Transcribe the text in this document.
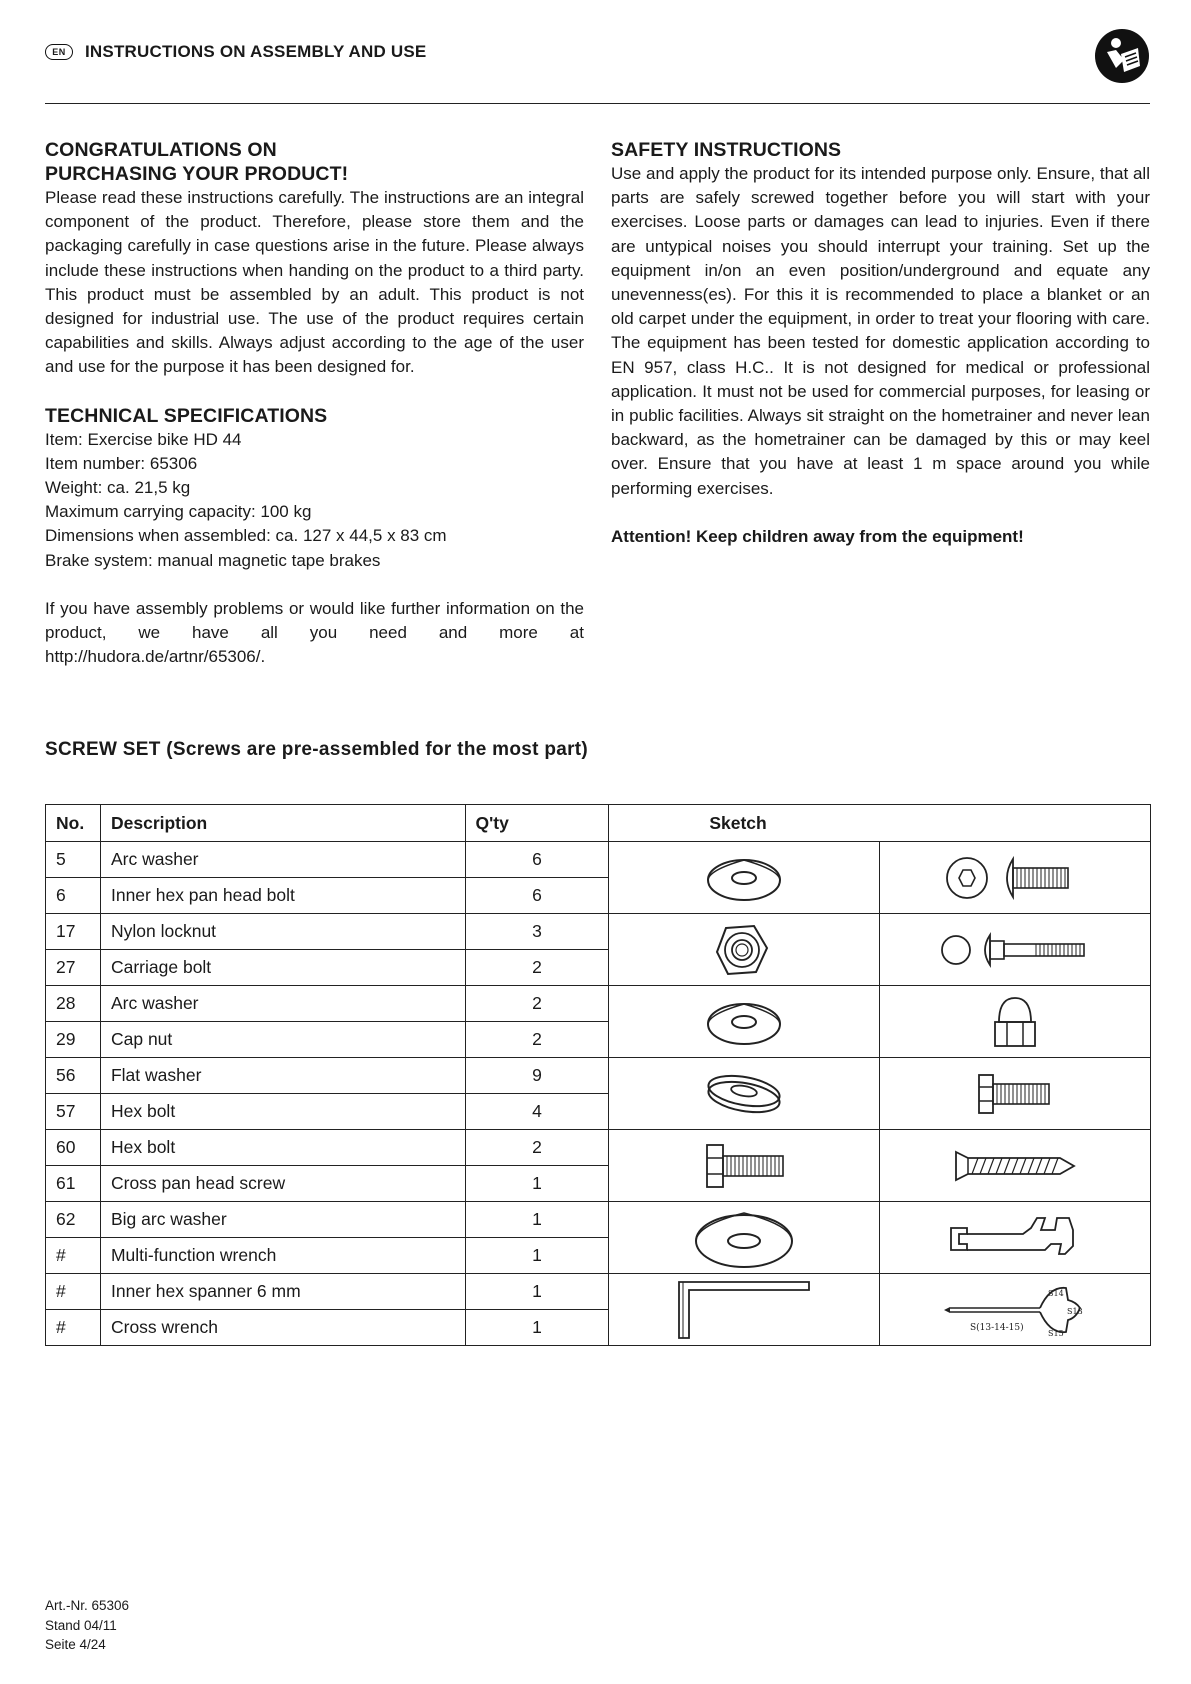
EN	INSTRUCTIONS ON ASSEMBLY AND USE
CONGRATULATIONS ON
PURCHASING YOUR PRODUCT!

Please read these instructions carefully. The instructions are an integral component of the product. Therefore, please store them and the packaging carefully in case questions arise in the future. Please always include these instructions when handing on the product to a third party. This product must be assembled by an adult. This product is not designed for industrial use. The use of the product requires certain capabilities and skills. Always adjust according to the age of the user and use for the purpose it has been designed for.

TECHNICAL SPECIFICATIONS
Item: Exercise bike HD 44
Item number: 65306
Weight: ca. 21,5 kg
Maximum carrying capacity: 100 kg
Dimensions when assembled: ca. 127 x 44,5 x 83 cm
Brake system: manual magnetic tape brakes

If you have assembly problems or would like further information on the product, we have all you need and more at http://hudora.de/artnr/65306/.

SAFETY INSTRUCTIONS

Use and apply the product for its intended purpose only. Ensure, that all parts are safely screwed together before you will start with your exercises. Loose parts or damages can lead to injuries. Even if there are untypical noises you should interrupt your training. Set up the equipment in/on an even position/underground and equate any unevenness(es). For this it is recommended to place a blanket or an old carpet under the equipment, in order to treat your flooring with care. The equipment has been tested for domestic application according to EN 957, class H.C.. It is not designed for medical or professional application. It must not be used for commercial purposes, for leasing or in public facilities. Always sit straight on the hometrainer and never lean backward, as the hometrainer can be damaged by this or may keel over. Ensure that you have at least 1 m space around you while performing exercises.

Attention! Keep children away from the equipment!
SCREW SET (Screws are pre-assembled for the most part)
No.	Description	Q'ty	Sketch	
5	Arc washer	6	

6	Inner hex pan head bolt	6		
17	Nylon locknut	3	

27	Carriage bolt	2		
28	Arc washer	2	

29	Cap nut	2		
56	Flat washer	9	

57	Hex bolt	4		
60	Hex bolt	2	

61	Cross pan head screw	1		
62	Big arc washer	1	

#	Multi-function wrench	1		
#	Inner hex spanner 6 mm	1		S(13-14-15)
S14
S13
S15

#	Cross wrench	1		
Art.-Nr. 65306
Stand 04/11
Seite 4/24
